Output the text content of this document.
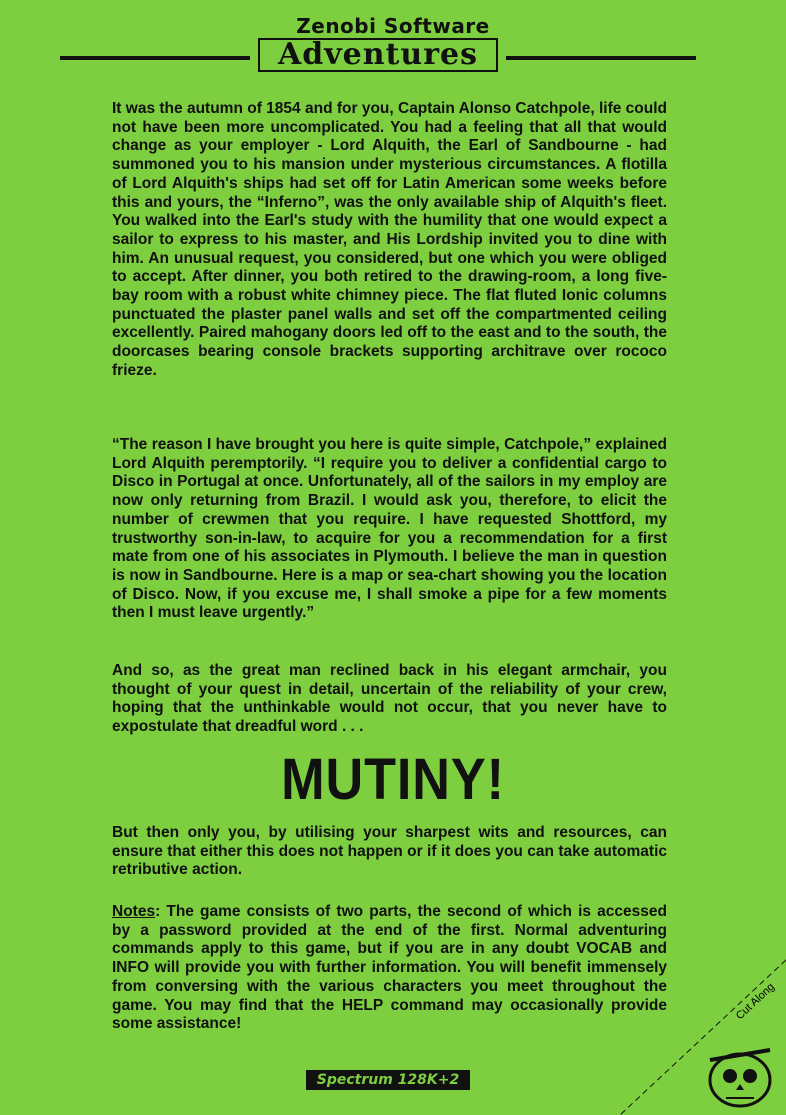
Zenobi Software
Adventures

It was the autumn of 1854 and for you, Captain Alonso Catchpole, life could not have been more uncomplicated. You had a feeling that all that would change as your employer - Lord Alquith, the Earl of Sandbourne - had summoned you to his mansion under mysterious circumstances. A flotilla of Lord Alquith's ships had set off for Latin American some weeks before this and yours, the “Inferno”, was the only available ship of Alquith's fleet. You walked into the Earl's study with the humility that one would expect a sailor to express to his master, and His Lordship invited you to dine with him. An unusual request, you considered, but one which you were obliged to accept. After dinner, you both retired to the drawing-room, a long five-bay room with a robust white chimney piece. The flat fluted Ionic columns punctuated the plaster panel walls and set off the compartmented ceiling excellently. Paired mahogany doors led off to the east and to the south, the doorcases bearing console brackets supporting architrave over rococo frieze.

“The reason I have brought you here is quite simple, Catchpole,” explained Lord Alquith peremptorily. “I require you to deliver a confidential cargo to Disco in Portugal at once. Unfortunately, all of the sailors in my employ are now only returning from Brazil. I would ask you, therefore, to elicit the number of crewmen that you require. I have requested Shottford, my trustworthy son-in-law, to acquire for you a recommendation for a first mate from one of his associates in Plymouth. I believe the man in question is now in Sandbourne. Here is a map or sea-chart showing you the location of Disco. Now, if you excuse me, I shall smoke a pipe for a few moments then I must leave urgently.”

And so, as the great man reclined back in his elegant armchair, you thought of your quest in detail, uncertain of the reliability of your crew, hoping that the unthinkable would not occur, that you never have to expostulate that dreadful word . . .

MUTINY!

But then only you, by utilising your sharpest wits and resources, can ensure that either this does not happen or if it does you can take automatic retributive action.

Notes: The game consists of two parts, the second of which is accessed by a password provided at the end of the first. Normal adventuring commands apply to this game, but if you are in any doubt VOCAB and INFO will provide you with further information. You will benefit immensely from conversing with the various characters you meet throughout the game. You may find that the HELP command may occasionally provide some assistance!

Spectrum 128K+2
Cut Along
